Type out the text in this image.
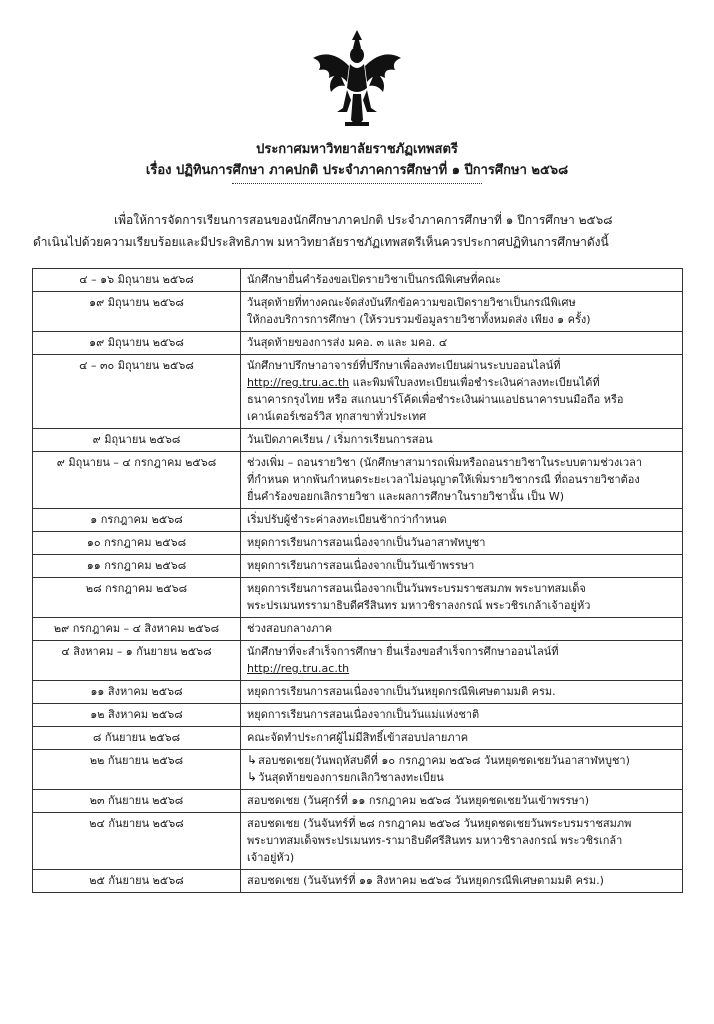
ประกาศมหาวิทยาลัยราชภัฏเทพสตรี
เรื่อง ปฏิทินการศึกษา ภาคปกติ ประจำภาคการศึกษาที่ ๑ ปีการศึกษา ๒๕๖๘
เพื่อให้การจัดการเรียนการสอนของนักศึกษาภาคปกติ ประจำภาคการศึกษาที่ ๑ ปีการศึกษา ๒๕๖๘
ดำเนินไปด้วยความเรียบร้อยและมีประสิทธิภาพ มหาวิทยาลัยราชภัฏเทพสตรีเห็นควรประกาศปฏิทินการศึกษาดังนี้
๔ – ๑๖ มิถุนายน ๒๕๖๘	นักศึกษายื่นคำร้องขอเปิดรายวิชาเป็นกรณีพิเศษที่คณะ

๑๙ มิถุนายน ๒๕๖๘	วันสุดท้ายที่ทางคณะจัดส่งบันทึกข้อความขอเปิดรายวิชาเป็นกรณีพิเศษ
ให้กองบริการการศึกษา (ให้รวบรวมข้อมูลรายวิชาทั้งหมดส่ง เพียง ๑ ครั้ง)

๑๙ มิถุนายน ๒๕๖๘	วันสุดท้ายของการส่ง มคอ. ๓ และ มคอ. ๔

๔ – ๓๐ มิถุนายน ๒๕๖๘	นักศึกษาปรึกษาอาจารย์ที่ปรึกษาเพื่อลงทะเบียนผ่านระบบออนไลน์ที่
http://reg.tru.ac.th และพิมพ์ใบลงทะเบียนเพื่อชำระเงินค่าลงทะเบียนได้ที่
ธนาคารกรุงไทย หรือ สแกนบาร์โค้ดเพื่อชำระเงินผ่านแอปธนาคารบนมือถือ หรือ
เคาน์เตอร์เซอร์วิส ทุกสาขาทั่วประเทศ

๙ มิถุนายน ๒๕๖๘	วันเปิดภาคเรียน / เริ่มการเรียนการสอน

๙ มิถุนายน – ๔ กรกฎาคม ๒๕๖๘	ช่วงเพิ่ม – ถอนรายวิชา (นักศึกษาสามารถเพิ่มหรือถอนรายวิชาในระบบตามช่วงเวลา
ที่กำหนด หากพ้นกำหนดระยะเวลาไม่อนุญาตให้เพิ่มรายวิชากรณี ที่ถอนรายวิชาต้อง
ยื่นคำร้องขอยกเลิกรายวิชา และผลการศึกษาในรายวิชานั้น เป็น W)

๑ กรกฎาคม ๒๕๖๘	เริ่มปรับผู้ชำระค่าลงทะเบียนช้ากว่ากำหนด

๑๐ กรกฎาคม ๒๕๖๘	หยุดการเรียนการสอนเนื่องจากเป็นวันอาสาฬหบูชา

๑๑ กรกฎาคม ๒๕๖๘	หยุดการเรียนการสอนเนื่องจากเป็นวันเข้าพรรษา

๒๘ กรกฎาคม ๒๕๖๘	หยุดการเรียนการสอนเนื่องจากเป็นวันพระบรมราชสมภพ พระบาทสมเด็จ
พระปรเมนทรรามาธิบดีศรีสินทร มหาวชิราลงกรณ์ พระวชิรเกล้าเจ้าอยู่หัว

๒๙ กรกฎาคม – ๔ สิงหาคม ๒๕๖๘	ช่วงสอบกลางภาค

๔ สิงหาคม – ๑ กันยายน ๒๕๖๘	นักศึกษาที่จะสำเร็จการศึกษา ยื่นเรื่องขอสำเร็จการศึกษาออนไลน์ที่
http://reg.tru.ac.th

๑๑ สิงหาคม ๒๕๖๘	หยุดการเรียนการสอนเนื่องจากเป็นวันหยุดกรณีพิเศษตามมติ ครม.

๑๒ สิงหาคม ๒๕๖๘	หยุดการเรียนการสอนเนื่องจากเป็นวันแม่แห่งชาติ

๘ กันยายน ๒๕๖๘	คณะจัดทำประกาศผู้ไม่มีสิทธิ์เข้าสอบปลายภาค

๒๒ กันยายน ๒๕๖๘	↳สอบชดเชย(วันพฤหัสบดีที่ ๑๐ กรกฎาคม ๒๕๖๘ วันหยุดชดเชยวันอาสาฬหบูชา)
↳วันสุดท้ายของการยกเลิกวิชาลงทะเบียน

๒๓ กันยายน ๒๕๖๘	สอบชดเชย (วันศุกร์ที่ ๑๑ กรกฎาคม ๒๕๖๘ วันหยุดชดเชยวันเข้าพรรษา)

๒๔ กันยายน ๒๕๖๘	สอบชดเชย (วันจันทร์ที่ ๒๘ กรกฎาคม ๒๕๖๘ วันหยุดชดเชยวันพระบรมราชสมภพ
พระบาทสมเด็จพระปรเมนทร-รามาธิบดีศรีสินทร มหาวชิราลงกรณ์ พระวชิรเกล้า
เจ้าอยู่หัว)

๒๕ กันยายน ๒๕๖๘	สอบชดเชย (วันจันทร์ที่ ๑๑ สิงหาคม ๒๕๖๘ วันหยุดกรณีพิเศษตามมติ ครม.)
